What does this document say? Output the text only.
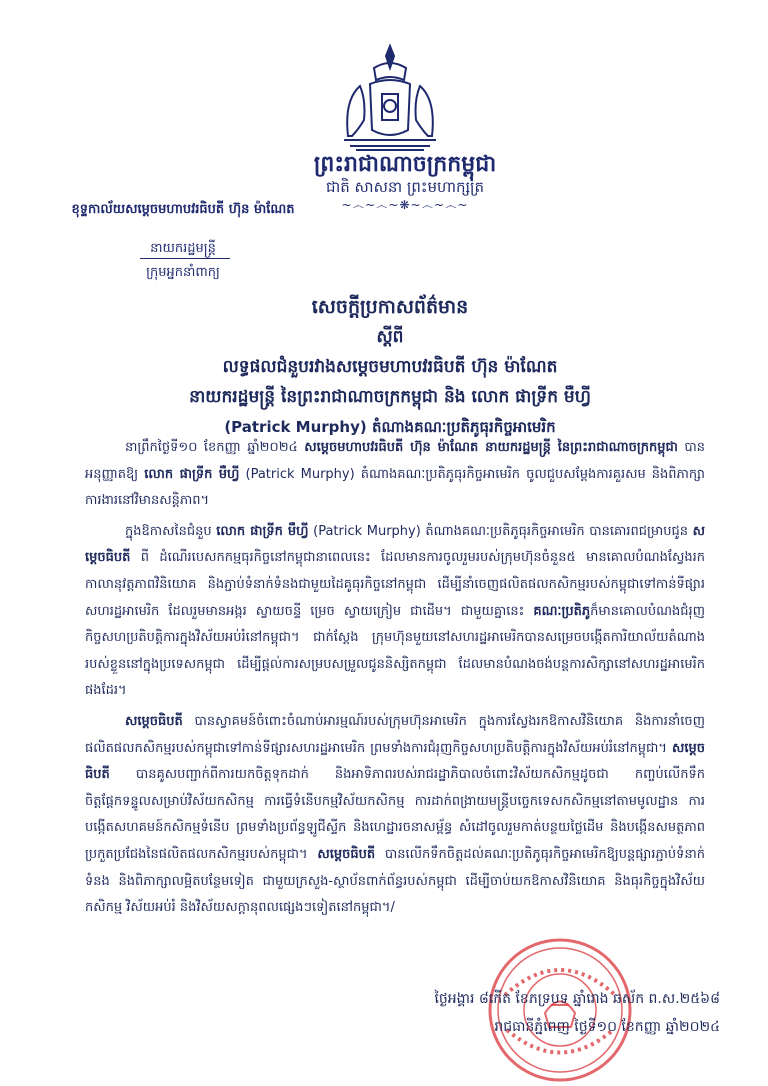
ព្រះរាជាណាចក្រកម្ពុជា
ជាតិ សាសនា ព្រះមហាក្សត្រ
~෴~෴~❋~෴~෴~
ខុទ្ទកាល័យសម្តេចមហាបវរធិបតី ហ៊ុន ម៉ាណែត
នាយករដ្ឋមន្ត្រី
ក្រុមអ្នកនាំពាក្យ
សេចក្តីប្រកាសព័ត៌មាន
ស្តីពី
លទ្ធផលជំនួបរវាងសម្តេចមហាបវរធិបតី ហ៊ុន ម៉ាណែត
នាយករដ្ឋមន្ត្រី នៃព្រះរាជាណាចក្រកម្ពុជា និង លោក ផាទ្រីក មឺហ្វី
(Patrick Murphy) តំណាងគណៈប្រតិភូធុរកិច្ចអាមេរិក

នាព្រឹកថ្ងៃទី១០ ខែកញ្ញា ឆ្នាំ២០២៤ សម្តេចមហាបវរធិបតី ហ៊ុន ម៉ាណែត នាយករដ្ឋមន្ត្រី នៃព្រះរាជាណាចក្រកម្ពុជា បានអនុញ្ញាតឱ្យ លោក ផាទ្រីក មឺហ្វី (Patrick Murphy) តំណាងគណៈប្រតិភូធុរកិច្ចអាមេរិក ចូលជួបសម្តែងការគួរសម និងពិភាក្សាការងារនៅវិមានសន្តិភាព។

ក្នុងឱកាសនៃជំនួប លោក ផាទ្រីក មឺហ្វី (Patrick Murphy) តំណាងគណៈប្រតិភូធុរកិច្ចអាមេរិក បានគោរពជម្រាបជូន សម្តេចធិបតី ពី ដំណើរបេសកកម្មធុរកិច្ចនៅកម្ពុជានាពេលនេះ ដែលមានការចូលរួមរបស់ក្រុមហ៊ុនចំនួន៥ មានគោលបំណងស្វែងរកកាលានុវត្តភាពវិនិយោគ និងភ្ជាប់ទំនាក់ទំនងជាមួយដៃគូធុរកិច្ចនៅកម្ពុជា ដើម្បីនាំចេញផលិតផលកសិកម្មរបស់កម្ពុជាទៅកាន់ទីផ្សារសហរដ្ឋអាមេរិក ដែលរួមមានអង្ករ ស្វាយចន្ទី ម្រេច ស្វាយក្រៀម ជាដើម។ ជាមួយគ្នានេះ គណៈប្រតិភូក៏មានគោលបំណងជំរុញកិច្ចសហប្រតិបត្តិការក្នុងវិស័យអប់រំនៅកម្ពុជា។ ជាក់ស្តែង ក្រុមហ៊ុនមួយនៅសហរដ្ឋអាមេរិកបានសម្រេចបង្កើតការិយាល័យតំណាងរបស់ខ្លួននៅក្នុងប្រទេសកម្ពុជា ដើម្បីផ្តល់ការសម្របសម្រួលជូននិស្សិតកម្ពុជា ដែលមានបំណងចង់បន្តការសិក្សានៅសហរដ្ឋអាមេរិកផងដែរ។

សម្តេចធិបតី បានស្វាគមន៍ចំពោះចំណាប់អារម្មណ៍របស់ក្រុមហ៊ុនអាមេរិក ក្នុងការស្វែងរកឱកាសវិនិយោគ និងការនាំចេញផលិតផលកសិកម្មរបស់កម្ពុជាទៅកាន់ទីផ្សារសហរដ្ឋអាមេរិក ព្រមទាំងការជំរុញកិច្ចសហប្រតិបត្តិការក្នុងវិស័យអប់រំនៅកម្ពុជា។ សម្តេចធិបតី បានគូសបញ្ជាក់ពីការយកចិត្តទុកដាក់ និងអាទិភាពរបស់រាជរដ្ឋាភិបាលចំពោះវិស័យកសិកម្មដូចជា កញ្ចប់លើកទឹកចិត្តផ្តែកទន្ទូលសម្រាប់វិស័យកសិកម្ម ការធ្វើទំនើបកម្មវិស័យកសិកម្ម ការដាក់ពង្រាយមន្ត្រីបច្ចេកទេសកសិកម្មនៅតាមមូលដ្ឋាន ការបង្កើតសហគមន៍កសិកម្មទំនើប ព្រមទាំងប្រព័ន្ធឡូជីស្ទីក និងហេដ្ឋារចនាសម្ព័ន្ធ សំដៅចូលរួមកាត់បន្ថយថ្លៃដើម និងបង្កើនសមត្ថភាពប្រកួតប្រជែងនៃផលិតផលកសិកម្មរបស់កម្ពុជា។ សម្តេចធិបតី បានលើកទឹកចិត្តដល់គណៈប្រតិភូធុរកិច្ចអាមេរិកឱ្យបន្តផ្សារភ្ជាប់ទំនាក់ទំនង និងពិភាក្សាលម្អិតបន្ថែមទៀត ជាមួយក្រសួង-ស្ថាប័នពាក់ព័ន្ធរបស់កម្ពុជា ដើម្បីចាប់យកឱកាសវិនិយោគ និងធុរកិច្ចក្នុងវិស័យកសិកម្ម វិស័យអប់រំ និងវិស័យសក្តានុពលផ្សេងៗទៀតនៅកម្ពុជា។/

ថ្ងៃអង្គារ ៨កើត ខែភទ្របទ ឆ្នាំរោង ឆស័ក ព.ស.២៥៦៨
រាជធានីភ្នំពេញ ថ្ងៃទី១០ ខែកញ្ញា ឆ្នាំ២០២៤
